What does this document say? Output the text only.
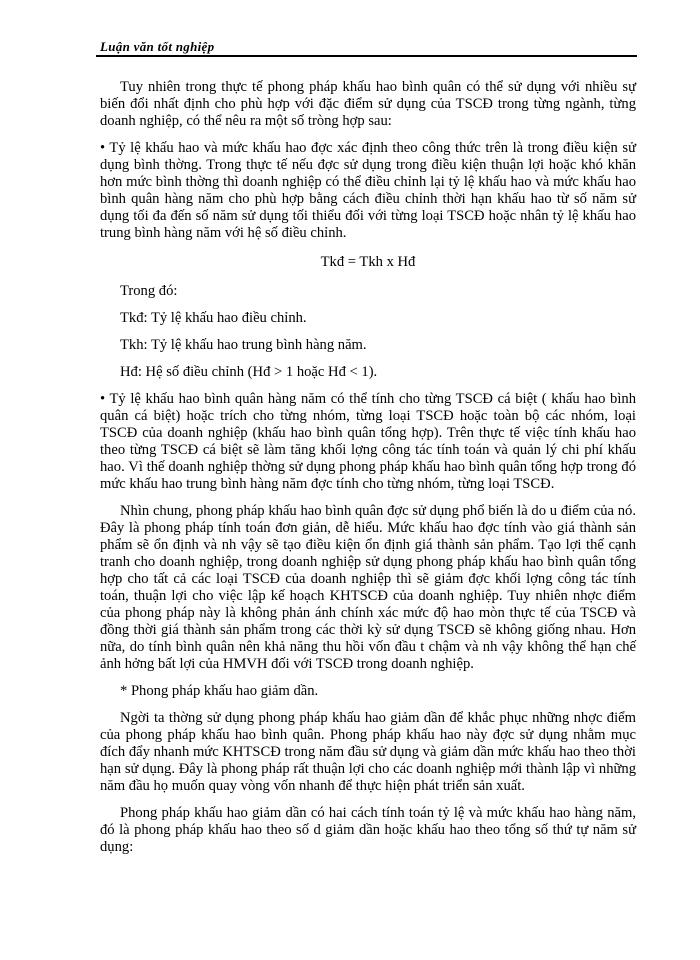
Luận văn tốt nghiệp

Tuy nhiên trong thực tế phong pháp khấu hao bình quân có thể sử dụng với nhiều sự biến đổi nhất định cho phù hợp với đặc điểm sử dụng của TSCĐ trong từng ngành, từng doanh nghiệp, có thể nêu ra một số tròng hợp sau:

• Tỷ lệ khấu hao và mức khấu hao đợc xác định theo công thức trên là trong điều kiện sử dụng bình thờng. Trong thực tế nếu đợc sử dụng trong điều kiện thuận lợi hoặc khó khăn hơn mức bình thờng thì doanh nghiệp có thể điều chỉnh lại tỷ lệ khấu hao và mức khấu hao bình quân hàng năm cho phù hợp bằng cách điều chỉnh thời hạn khấu hao từ số năm sử dụng tối đa đến số năm sử dụng tối thiểu đối với từng loại TSCĐ hoặc nhân tỷ lệ khấu hao trung bình hàng năm với hệ số điều chỉnh.

Tkđ = Tkh x Hđ

Trong đó:

Tkđ: Tỷ lệ khấu hao điều chỉnh.

Tkh: Tỷ lệ khấu hao trung bình hàng năm.

Hđ: Hệ số điều chỉnh (Hđ > 1 hoặc Hđ < 1).

• Tỷ lệ khấu hao bình quân hàng năm có thể tính cho từng TSCĐ cá biệt ( khấu hao bình quân cá biệt) hoặc trích cho từng nhóm, từng loại TSCĐ hoặc toàn bộ các nhóm, loại TSCĐ của doanh nghiệp (khấu hao bình quân tổng hợp). Trên thực tế việc tính khấu hao theo từng TSCĐ cá biệt sẽ làm tăng khối lợng công tác tính toán và quản lý chi phí khấu hao. Vì thế doanh nghiệp thờng sử dụng phong pháp khấu hao bình quân tổng hợp trong đó mức khấu hao trung bình hàng năm đợc tính cho từng nhóm, từng loại TSCĐ.

Nhìn chung, phong pháp khấu hao bình quân đợc sử dụng phổ biến là do u điểm của nó. Đây là phong pháp tính toán đơn giản, dễ hiểu. Mức khấu hao đợc tính vào giá thành sản phẩm sẽ ổn định và nh vậy sẽ tạo điều kiện ổn định giá thành sản phẩm. Tạo lợi thế cạnh tranh cho doanh nghiệp, trong doanh nghiệp sử dụng phong pháp khấu hao bình quân tổng hợp cho tất cả các loại TSCĐ của doanh nghiệp thì sẽ giảm đợc khối lợng công tác tính toán, thuận lợi cho việc lập kế hoạch KHTSCĐ của doanh nghiệp. Tuy nhiên nhợc điểm của phong pháp này là không phản ánh chính xác mức độ hao mòn thực tế của TSCĐ và đồng thời giá thành sản phẩm trong các thời kỳ sử dụng TSCĐ sẽ không giống nhau. Hơn nữa, do tính bình quân nên khả năng thu hồi vốn đầu t chậm và nh vậy không thể hạn chế ảnh hởng bất lợi của HMVH đối với TSCĐ trong doanh nghiệp.

* Phong pháp khấu hao giảm dần.

Ngời ta thờng sử dụng phong pháp khấu hao giảm dần để khắc phục những nhợc điểm của phong pháp khấu hao bình quân. Phong pháp khấu hao này đợc sử dụng nhằm mục đích đẩy nhanh mức KHTSCĐ trong năm đầu sử dụng và giảm dần mức khấu hao theo thời hạn sử dụng. Đây là phong pháp rất thuận lợi cho các doanh nghiệp mới thành lập vì những năm đầu họ muốn quay vòng vốn nhanh để thực hiện phát triển sản xuất.

Phong pháp khấu hao giảm dần có hai cách tính toán tỷ lệ và mức khấu hao hàng năm, đó là phong pháp khấu hao theo số d giảm dần hoặc khấu hao theo tổng số thứ tự năm sử dụng:
